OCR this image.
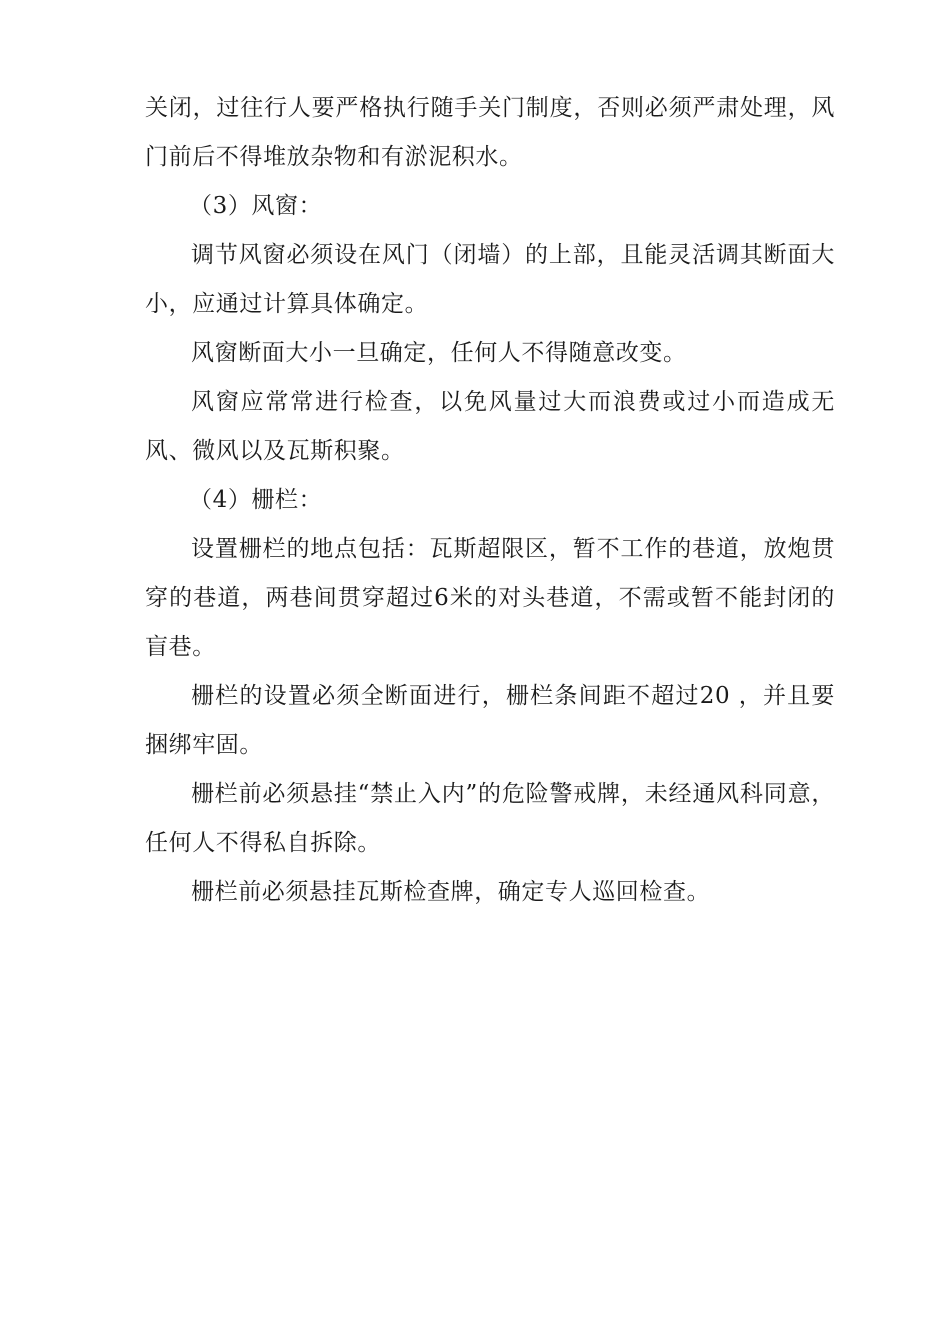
关闭，过往行人要严格执行随手关门制度，否则必须严肃处理，风门前后不得堆放杂物和有淤泥积水。

（3）风窗：

调节风窗必须设在风门（闭墙）的上部，且能灵活调其断面大小，应通过计算具体确定。

风窗断面大小一旦确定，任何人不得随意改变。

风窗应常常进行检查，以免风量过大而浪费或过小而造成无风、微风以及瓦斯积聚。

（4）栅栏：

设置栅栏的地点包括：瓦斯超限区，暂不工作的巷道，放炮贯穿的巷道，两巷间贯穿超过6米的对头巷道，不需或暂不能封闭的盲巷。

栅栏的设置必须全断面进行，栅栏条间距不超过20 ，并且要捆绑牢固。

栅栏前必须悬挂“禁止入内”的危险警戒牌，未经通风科同意，任何人不得私自拆除。

栅栏前必须悬挂瓦斯检查牌，确定专人巡回检查。
